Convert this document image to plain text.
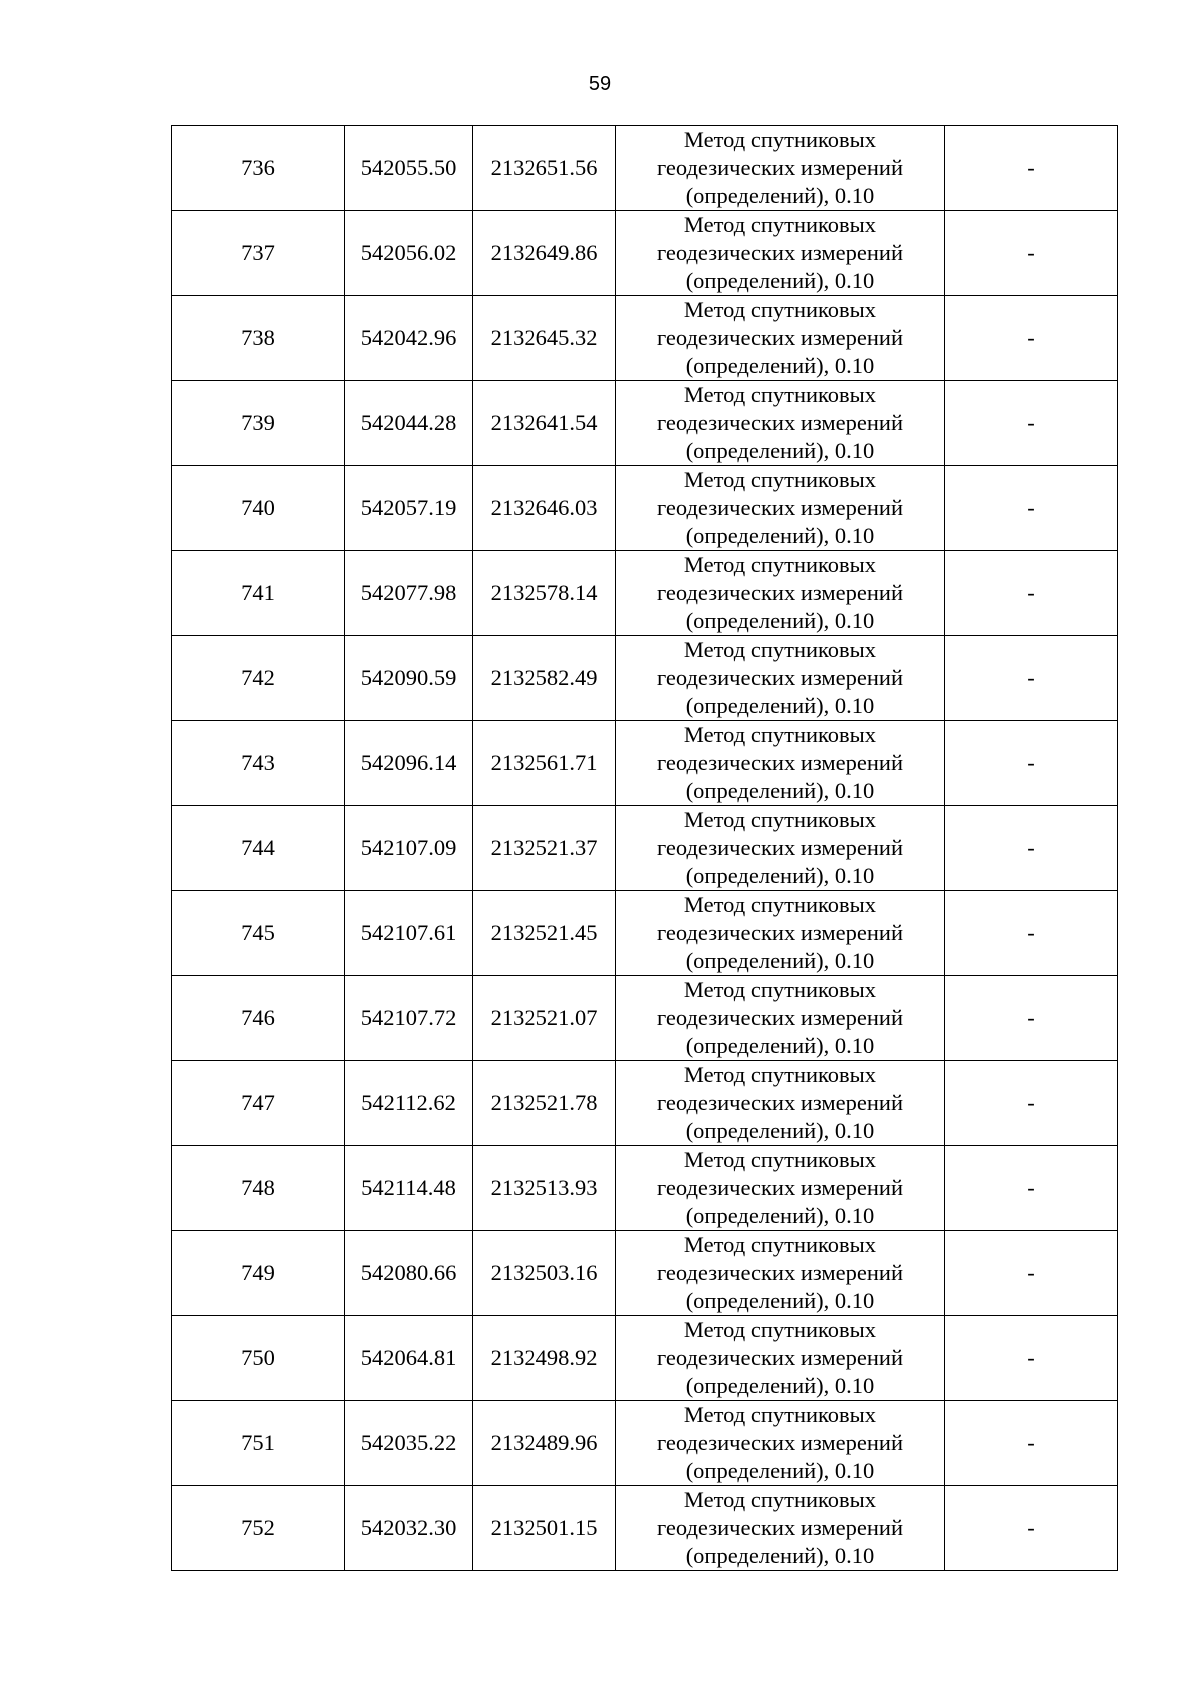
59
736	542055.50	2132651.56	Метод спутниковых
геодезических измерений
(определений), 0.10	-
737	542056.02	2132649.86	Метод спутниковых
геодезических измерений
(определений), 0.10	-
738	542042.96	2132645.32	Метод спутниковых
геодезических измерений
(определений), 0.10	-
739	542044.28	2132641.54	Метод спутниковых
геодезических измерений
(определений), 0.10	-
740	542057.19	2132646.03	Метод спутниковых
геодезических измерений
(определений), 0.10	-
741	542077.98	2132578.14	Метод спутниковых
геодезических измерений
(определений), 0.10	-
742	542090.59	2132582.49	Метод спутниковых
геодезических измерений
(определений), 0.10	-
743	542096.14	2132561.71	Метод спутниковых
геодезических измерений
(определений), 0.10	-
744	542107.09	2132521.37	Метод спутниковых
геодезических измерений
(определений), 0.10	-
745	542107.61	2132521.45	Метод спутниковых
геодезических измерений
(определений), 0.10	-
746	542107.72	2132521.07	Метод спутниковых
геодезических измерений
(определений), 0.10	-
747	542112.62	2132521.78	Метод спутниковых
геодезических измерений
(определений), 0.10	-
748	542114.48	2132513.93	Метод спутниковых
геодезических измерений
(определений), 0.10	-
749	542080.66	2132503.16	Метод спутниковых
геодезических измерений
(определений), 0.10	-
750	542064.81	2132498.92	Метод спутниковых
геодезических измерений
(определений), 0.10	-
751	542035.22	2132489.96	Метод спутниковых
геодезических измерений
(определений), 0.10	-
752	542032.30	2132501.15	Метод спутниковых
геодезических измерений
(определений), 0.10	-
